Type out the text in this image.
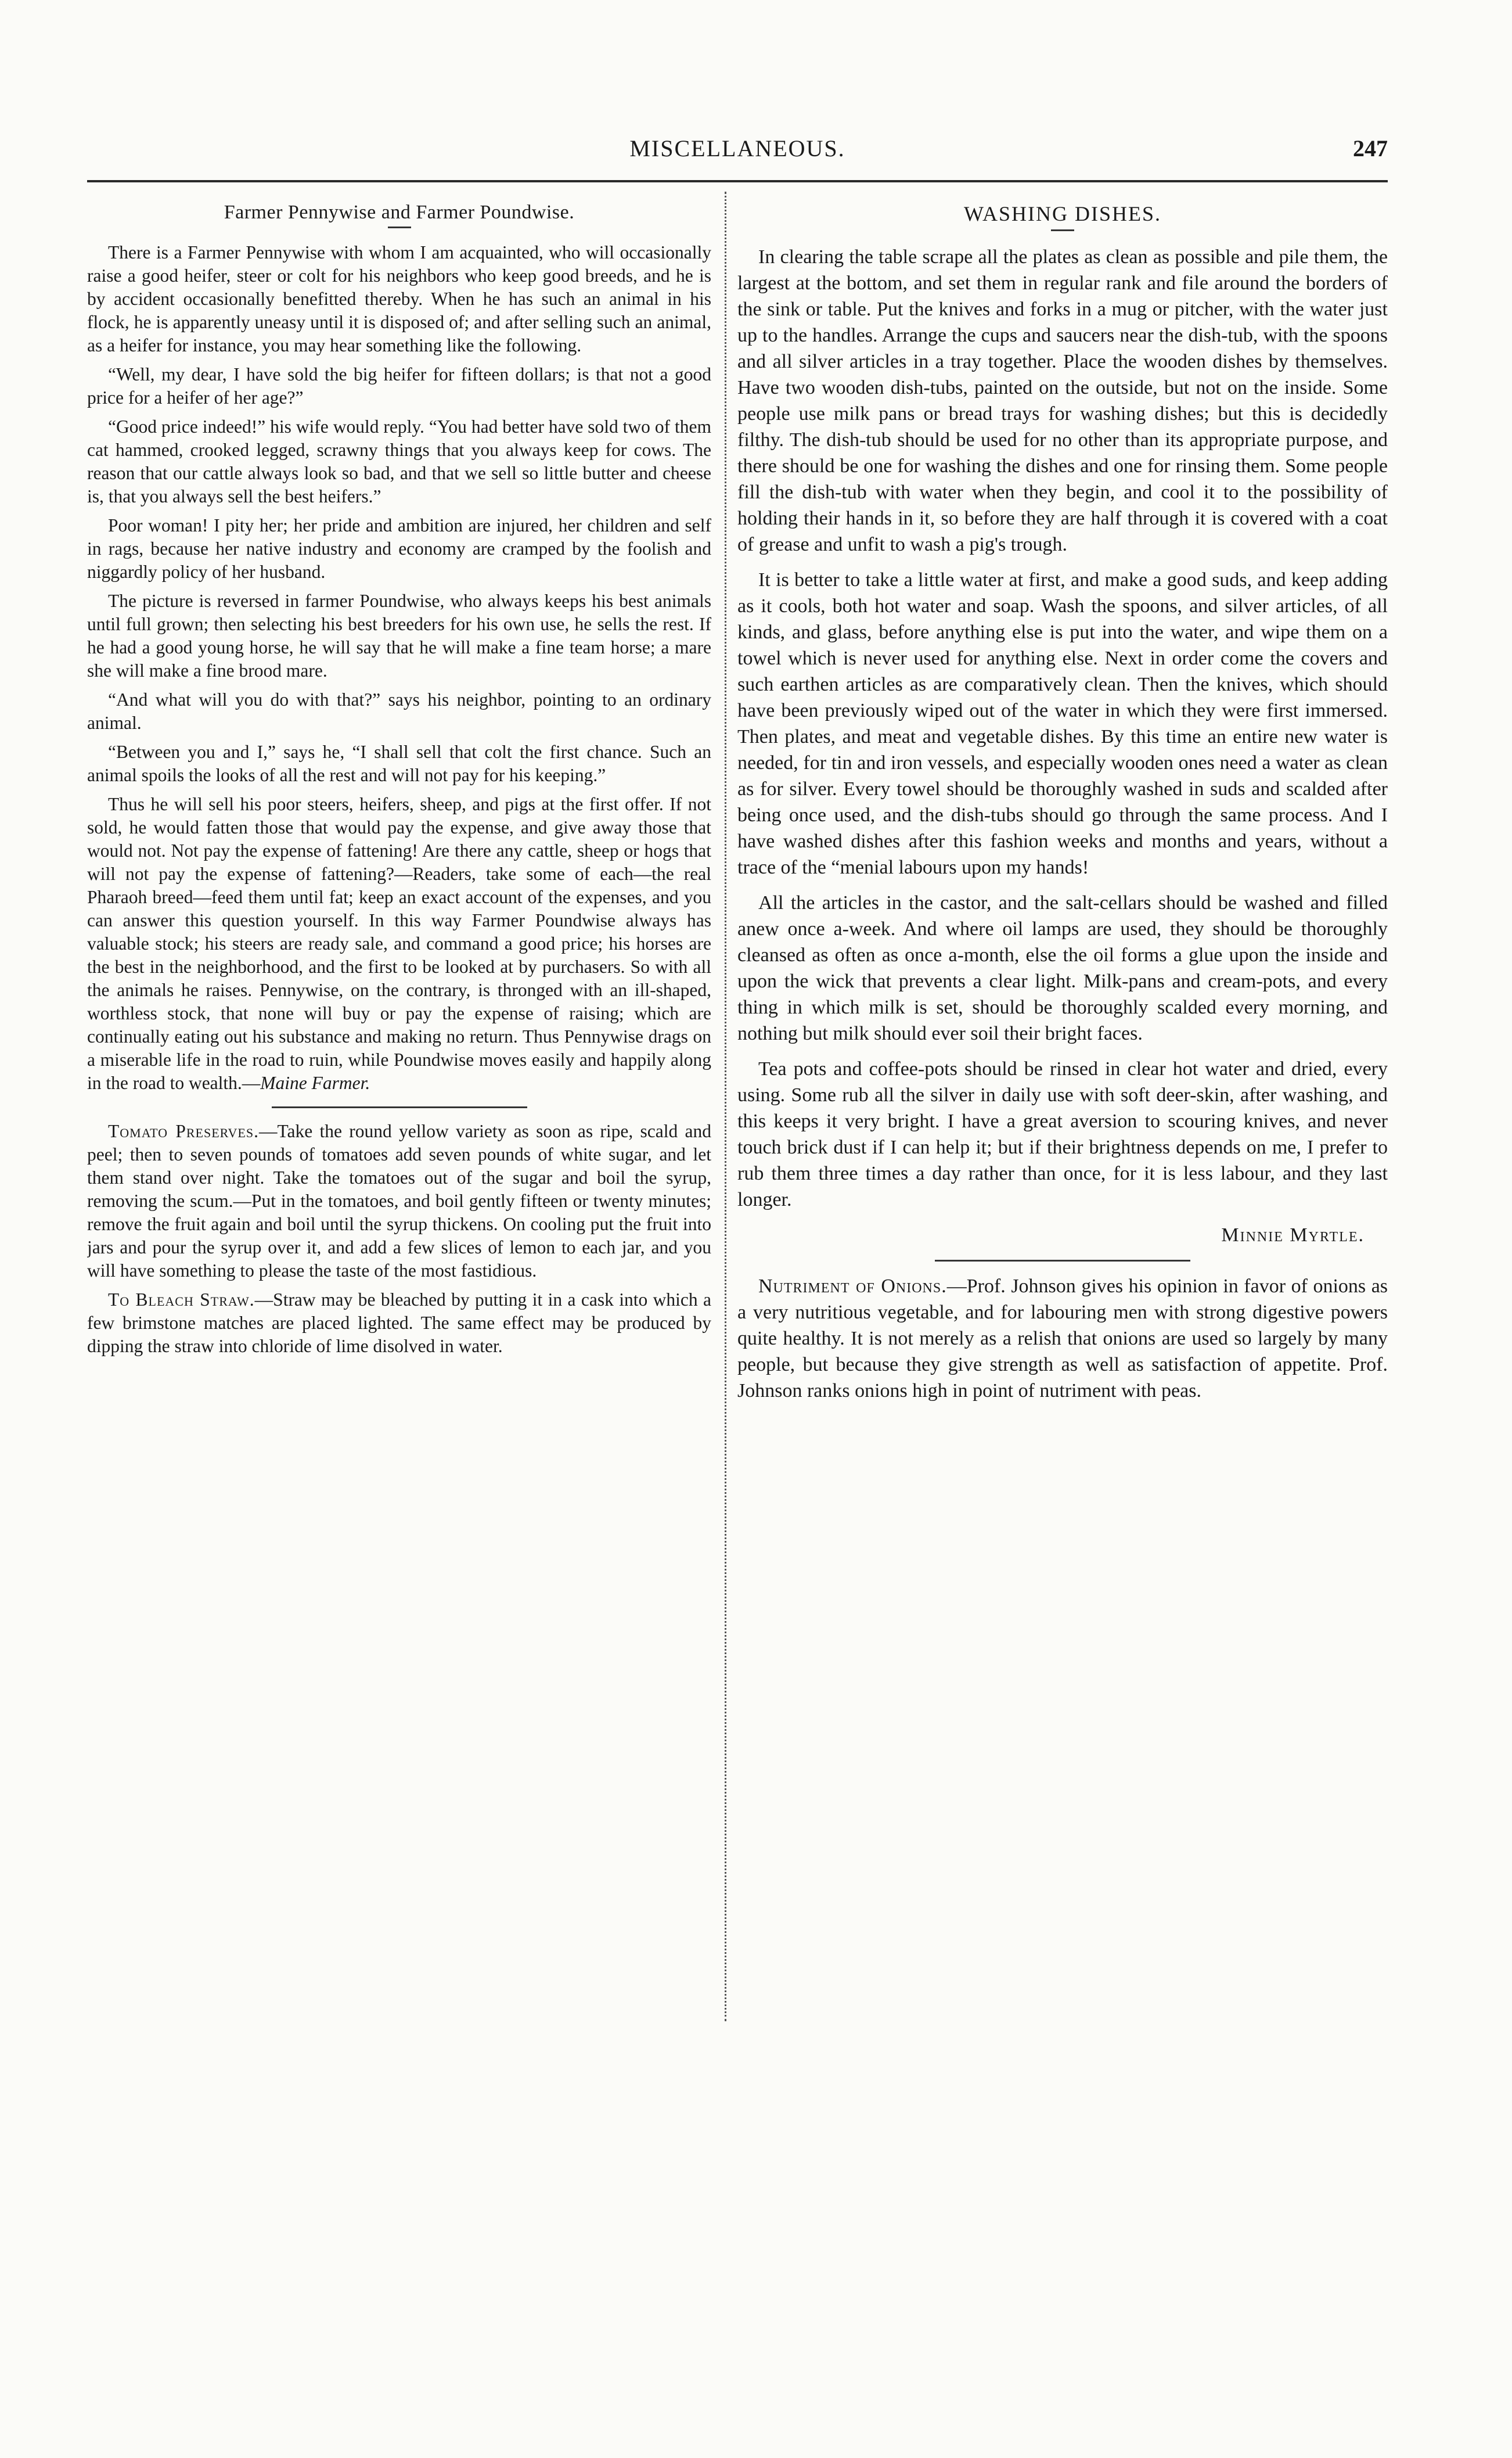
MISCELLANEOUS.	247
Farmer Pennywise and Farmer Poundwise.

There is a Farmer Pennywise with whom I am acquainted, who will occasionally raise a good heifer, steer or colt for his neighbors who keep good breeds, and he is by accident occasionally benefitted thereby. When he has such an animal in his flock, he is apparently uneasy until it is disposed of; and after selling such an animal, as a heifer for instance, you may hear something like the following.

“Well, my dear, I have sold the big heifer for fifteen dollars; is that not a good price for a heifer of her age?”

“Good price indeed!” his wife would reply. “You had better have sold two of them cat hammed, crooked legged, scrawny things that you always keep for cows. The reason that our cattle always look so bad, and that we sell so little butter and cheese is, that you always sell the best heifers.”

Poor woman! I pity her; her pride and ambition are injured, her children and self in rags, because her native industry and economy are cramped by the foolish and niggardly policy of her husband.

The picture is reversed in farmer Poundwise, who always keeps his best animals until full grown; then selecting his best breeders for his own use, he sells the rest. If he had a good young horse, he will say that he will make a fine team horse; a mare she will make a fine brood mare.

“And what will you do with that?” says his neighbor, pointing to an ordinary animal.

“Between you and I,” says he, “I shall sell that colt the first chance. Such an animal spoils the looks of all the rest and will not pay for his keeping.”

Thus he will sell his poor steers, heifers, sheep, and pigs at the first offer. If not sold, he would fatten those that would pay the expense, and give away those that would not. Not pay the expense of fattening! Are there any cattle, sheep or hogs that will not pay the expense of fattening?—Readers, take some of each—the real Pharaoh breed—feed them until fat; keep an exact account of the expenses, and you can answer this question yourself. In this way Farmer Poundwise always has valuable stock; his steers are ready sale, and command a good price; his horses are the best in the neighborhood, and the first to be looked at by purchasers. So with all the animals he raises. Pennywise, on the contrary, is thronged with an ill-shaped, worthless stock, that none will buy or pay the expense of raising; which are continually eating out his substance and making no return. Thus Pennywise drags on a miserable life in the road to ruin, while Poundwise moves easily and happily along in the road to wealth.—Maine Farmer.

Tomato Preserves.—Take the round yellow variety as soon as ripe, scald and peel; then to seven pounds of tomatoes add seven pounds of white sugar, and let them stand over night. Take the tomatoes out of the sugar and boil the syrup, removing the scum.—Put in the tomatoes, and boil gently fifteen or twenty minutes; remove the fruit again and boil until the syrup thickens. On cooling put the fruit into jars and pour the syrup over it, and add a few slices of lemon to each jar, and you will have something to please the taste of the most fastidious.

To Bleach Straw.—Straw may be bleached by putting it in a cask into which a few brimstone matches are placed lighted. The same effect may be produced by dipping the straw into chloride of lime disolved in water.

WASHING DISHES.

In clearing the table scrape all the plates as clean as possible and pile them, the largest at the bottom, and set them in regular rank and file around the borders of the sink or table. Put the knives and forks in a mug or pitcher, with the water just up to the handles. Arrange the cups and saucers near the dish-tub, with the spoons and all silver articles in a tray together. Place the wooden dishes by themselves. Have two wooden dish-tubs, painted on the outside, but not on the inside. Some people use milk pans or bread trays for washing dishes; but this is decidedly filthy. The dish-tub should be used for no other than its appropriate purpose, and there should be one for washing the dishes and one for rinsing them. Some people fill the dish-tub with water when they begin, and cool it to the possibility of holding their hands in it, so before they are half through it is covered with a coat of grease and unfit to wash a pig's trough.

It is better to take a little water at first, and make a good suds, and keep adding as it cools, both hot water and soap. Wash the spoons, and silver articles, of all kinds, and glass, before anything else is put into the water, and wipe them on a towel which is never used for anything else. Next in order come the covers and such earthen articles as are comparatively clean. Then the knives, which should have been previously wiped out of the water in which they were first immersed. Then plates, and meat and vegetable dishes. By this time an entire new water is needed, for tin and iron vessels, and especially wooden ones need a water as clean as for silver. Every towel should be thoroughly washed in suds and scalded after being once used, and the dish-tubs should go through the same process. And I have washed dishes after this fashion weeks and months and years, without a trace of the “menial labours upon my hands!

All the articles in the castor, and the salt-cellars should be washed and filled anew once a-week. And where oil lamps are used, they should be thoroughly cleansed as often as once a-month, else the oil forms a glue upon the inside and upon the wick that prevents a clear light. Milk-pans and cream-pots, and every thing in which milk is set, should be thoroughly scalded every morning, and nothing but milk should ever soil their bright faces.

Tea pots and coffee-pots should be rinsed in clear hot water and dried, every using. Some rub all the silver in daily use with soft deer-skin, after washing, and this keeps it very bright. I have a great aversion to scouring knives, and never touch brick dust if I can help it; but if their brightness depends on me, I prefer to rub them three times a day rather than once, for it is less labour, and they last longer.

Minnie Myrtle.

Nutriment of Onions.—Prof. Johnson gives his opinion in favor of onions as a very nutritious vegetable, and for labouring men with strong digestive powers quite healthy. It is not merely as a relish that onions are used so largely by many people, but because they give strength as well as satisfaction of appetite. Prof. Johnson ranks onions high in point of nutriment with peas.
